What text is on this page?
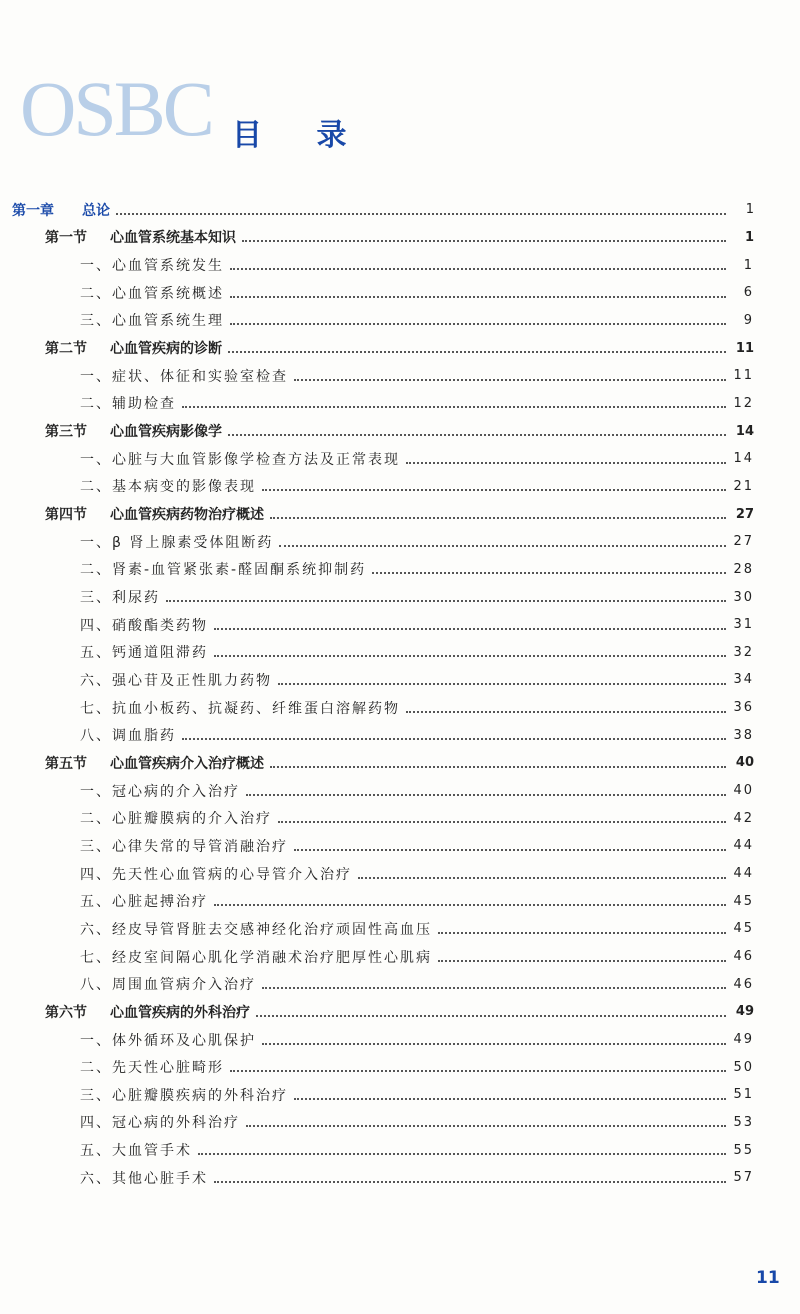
OSBC 目 录
第一章 总论	1
第一节 心血管系统基本知识	1
一、心血管系统发生	1
二、心血管系统概述	6
三、心血管系统生理	9
第二节 心血管疾病的诊断	11
一、症状、体征和实验室检查	11
二、辅助检查	12
第三节 心血管疾病影像学	14
一、心脏与大血管影像学检查方法及正常表现	14
二、基本病变的影像表现	21
第四节 心血管疾病药物治疗概述	27
一、β 肾上腺素受体阻断药	27
二、肾素-血管紧张素-醛固酮系统抑制药	28
三、利尿药	30
四、硝酸酯类药物	31
五、钙通道阻滞药	32
六、强心苷及正性肌力药物	34
七、抗血小板药、抗凝药、纤维蛋白溶解药物	36
八、调血脂药	38
第五节 心血管疾病介入治疗概述	40
一、冠心病的介入治疗	40
二、心脏瓣膜病的介入治疗	42
三、心律失常的导管消融治疗	44
四、先天性心血管病的心导管介入治疗	44
五、心脏起搏治疗	45
六、经皮导管肾脏去交感神经化治疗顽固性高血压	45
七、经皮室间隔心肌化学消融术治疗肥厚性心肌病	46
八、周围血管病介入治疗	46
第六节 心血管疾病的外科治疗	49
一、体外循环及心肌保护	49
二、先天性心脏畸形	50
三、心脏瓣膜疾病的外科治疗	51
四、冠心病的外科治疗	53
五、大血管手术	55
六、其他心脏手术	57
11
